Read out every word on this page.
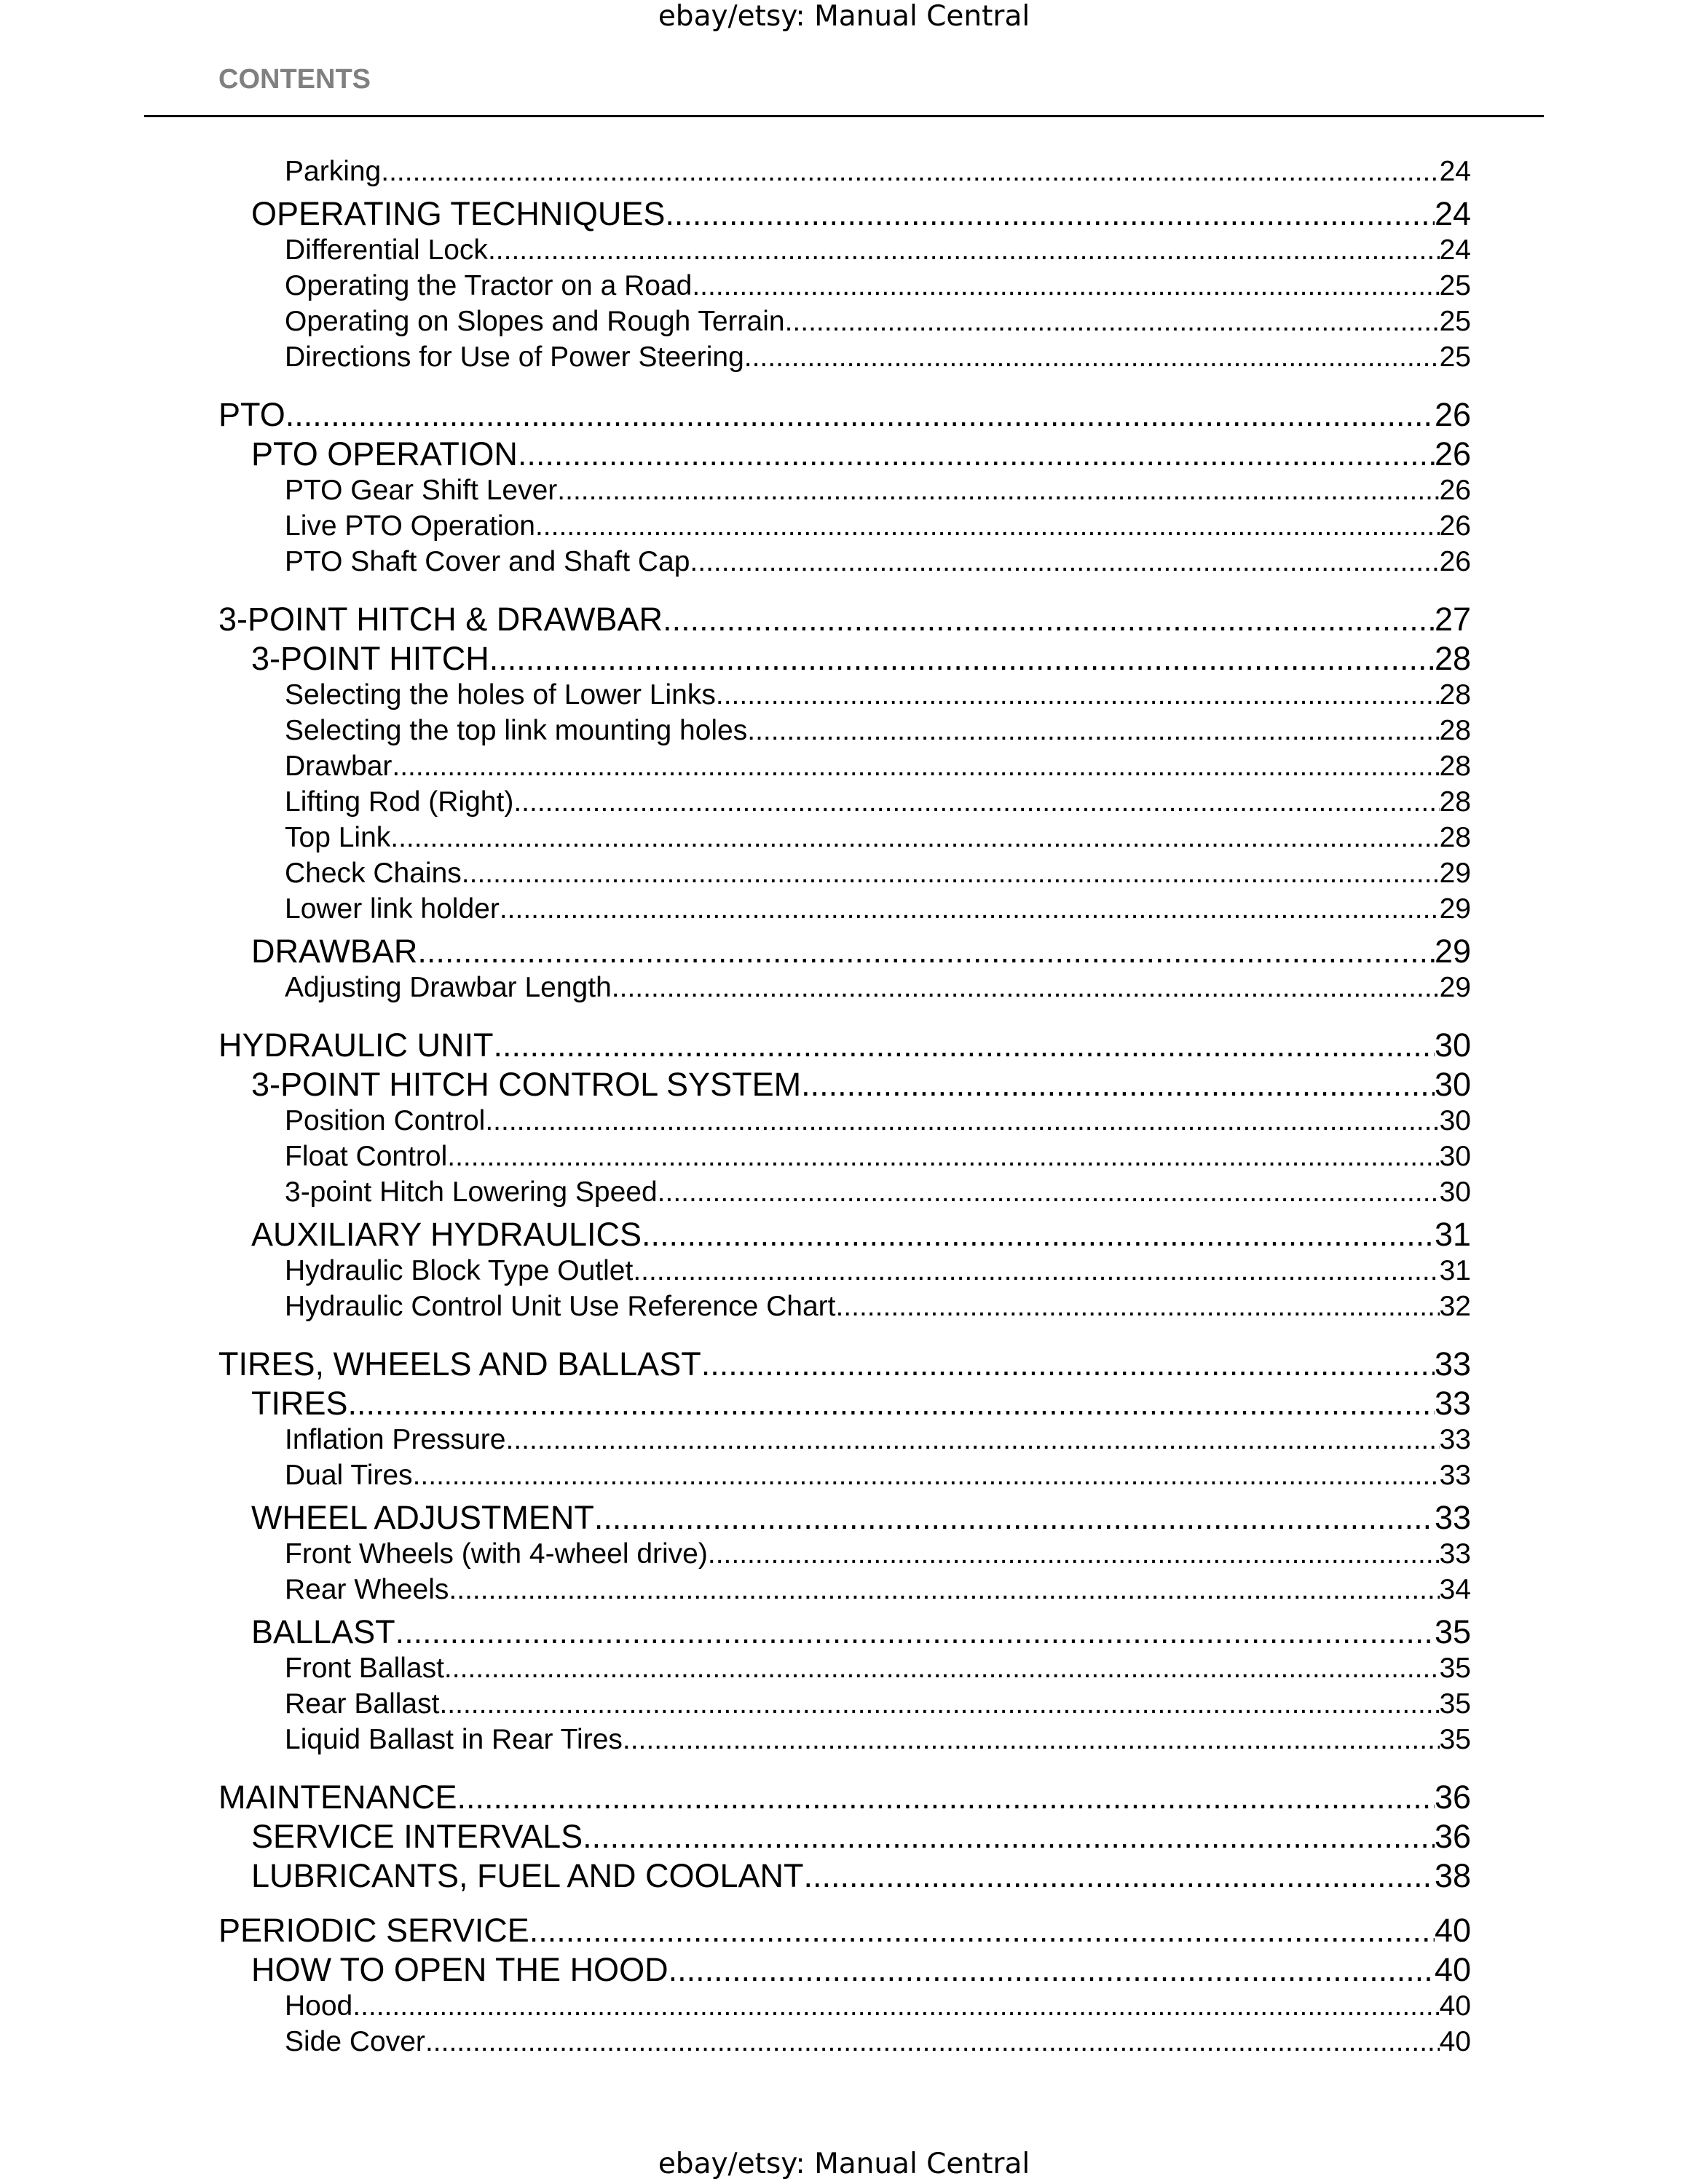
ebay/etsy: Manual Central
CONTENTS
Parking .....	24
OPERATING TECHNIQUES .....	24
Differential Lock .....	24
Operating the Tractor on a Road .....	25
Operating on Slopes and Rough Terrain .....	25
Directions for Use of Power Steering .....	25
PTO .....	26
PTO OPERATION .....	26
PTO Gear Shift Lever .....	26
Live PTO Operation .....	26
PTO Shaft Cover and Shaft Cap .....	26
3-POINT HITCH & DRAWBAR .....	27
3-POINT HITCH .....	28
Selecting the holes of Lower Links .....	28
Selecting the top link mounting holes .....	28
Drawbar .....	28
Lifting Rod (Right) .....	28
Top Link .....	28
Check Chains .....	29
Lower link holder .....	29
DRAWBAR .....	29
Adjusting Drawbar Length .....	29
HYDRAULIC UNIT .....	30
3-POINT HITCH CONTROL SYSTEM .....	30
Position Control .....	30
Float Control .....	30
3-point Hitch Lowering Speed .....	30
AUXILIARY HYDRAULICS .....	31
Hydraulic Block Type Outlet .....	31
Hydraulic Control Unit Use Reference Chart .....	32
TIRES, WHEELS AND BALLAST .....	33
TIRES .....	33
Inflation Pressure .....	33
Dual Tires .....	33
WHEEL ADJUSTMENT .....	33
Front Wheels (with 4-wheel drive) .....	33
Rear Wheels .....	34
BALLAST .....	35
Front Ballast .....	35
Rear Ballast .....	35
Liquid Ballast in Rear Tires .....	35
MAINTENANCE .....	36
SERVICE INTERVALS .....	36
LUBRICANTS, FUEL AND COOLANT .....	38
PERIODIC SERVICE .....	40
HOW TO OPEN THE HOOD .....	40
Hood .....	40
Side Cover .....	40
ebay/etsy: Manual Central
